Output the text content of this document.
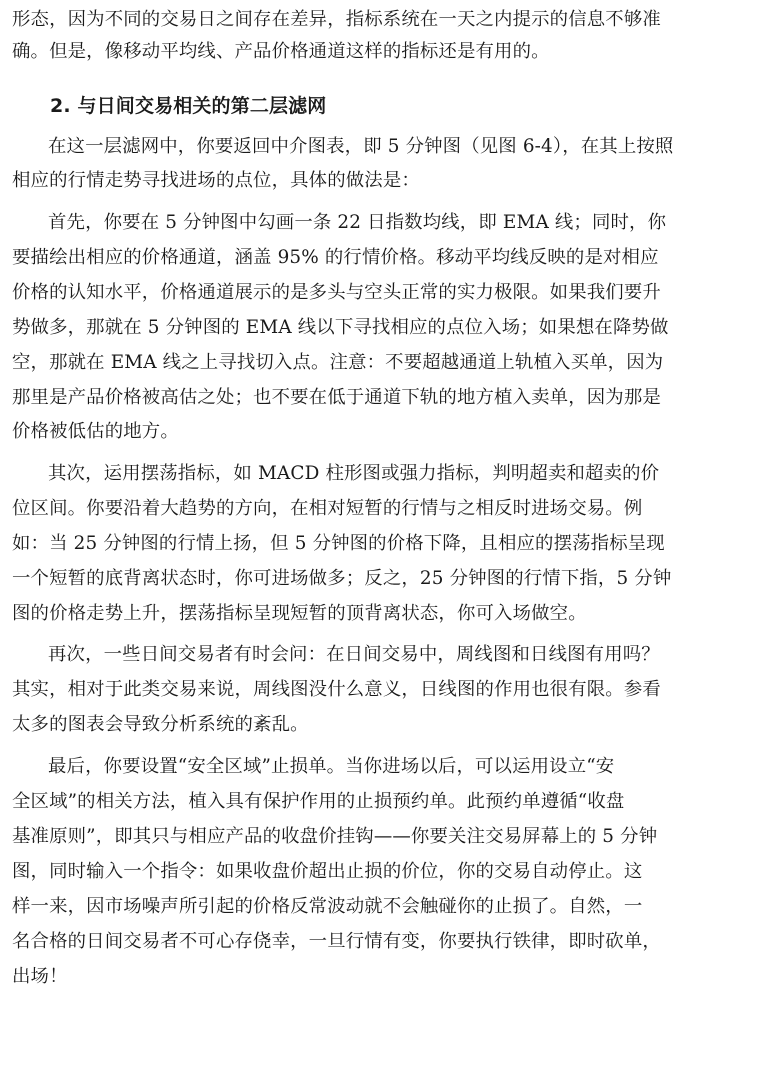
形态，因为不同的交易日之间存在差异，指标系统在一天之内提示的信息不够准
确。但是，像移动平均线、产品价格通道这样的指标还是有用的。
2. 与日间交易相关的第二层滤网
在这一层滤网中，你要返回中介图表，即 5 分钟图（见图 6-4），在其上按照
相应的行情走势寻找进场的点位，具体的做法是：
首先，你要在 5 分钟图中勾画一条 22 日指数均线，即 EMA 线；同时，你
要描绘出相应的价格通道，涵盖 95% 的行情价格。移动平均线反映的是对相应
价格的认知水平，价格通道展示的是多头与空头正常的实力极限。如果我们要升
势做多，那就在 5 分钟图的 EMA 线以下寻找相应的点位入场；如果想在降势做
空，那就在 EMA 线之上寻找切入点。注意：不要超越通道上轨植入买单，因为
那里是产品价格被高估之处；也不要在低于通道下轨的地方植入卖单，因为那是
价格被低估的地方。
其次，运用摆荡指标，如 MACD 柱形图或强力指标，判明超卖和超卖的价
位区间。你要沿着大趋势的方向，在相对短暂的行情与之相反时进场交易。例
如：当 25 分钟图的行情上扬，但 5 分钟图的价格下降，且相应的摆荡指标呈现
一个短暂的底背离状态时，你可进场做多；反之，25 分钟图的行情下指，5 分钟
图的价格走势上升，摆荡指标呈现短暂的顶背离状态，你可入场做空。
再次，一些日间交易者有时会问：在日间交易中，周线图和日线图有用吗？
其实，相对于此类交易来说，周线图没什么意义，日线图的作用也很有限。参看
太多的图表会导致分析系统的紊乱。
最后，你要设置“安全区域”止损单。当你进场以后，可以运用设立“安
全区域”的相关方法，植入具有保护作用的止损预约单。此预约单遵循“收盘
基准原则”，即其只与相应产品的收盘价挂钩——你要关注交易屏幕上的 5 分钟
图，同时输入一个指令：如果收盘价超出止损的价位，你的交易自动停止。这
样一来，因市场噪声所引起的价格反常波动就不会触碰你的止损了。自然，一
名合格的日间交易者不可心存侥幸，一旦行情有变，你要执行铁律，即时砍单，
出场！
